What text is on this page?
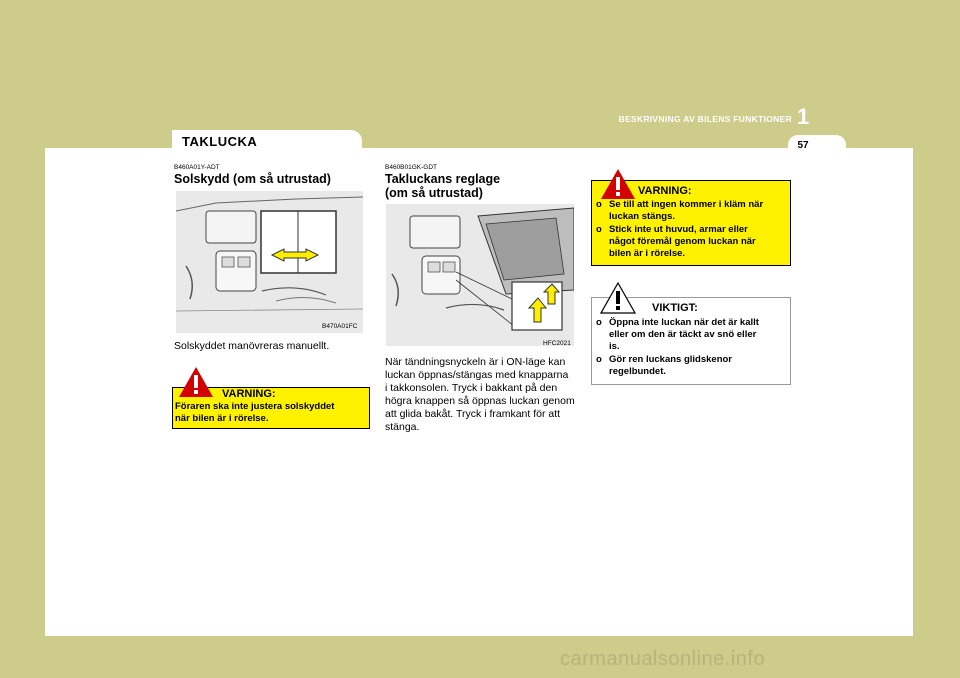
1
BESKRIVNING AV BILENS FUNKTIONER
57
TAKLUCKA
B460A01Y-ADT
Solskydd (om så utrustad)
B470A01FC
Solskyddet manövreras manuellt.
VARNING:
Föraren ska inte justera solskyddet
när bilen är i rörelse.
B460B01GK-GDT
Takluckans reglage
(om så utrustad)
HFC2021
När tändningsnyckeln är i ON-läge kan
luckan öppnas/stängas med knapparna
i takkonsolen. Tryck i bakkant på den
högra knappen så öppnas luckan genom
att glida bakåt. Tryck i framkant för att
stänga.
VARNING:
o Se till att ingen kommer i kläm när
luckan stängs.
o Stick inte ut huvud, armar eller
något föremål genom luckan när
bilen är i rörelse.
VIKTIGT:
o Öppna inte luckan när det är kallt
eller om den är täckt av snö eller
is.
o Gör ren luckans glidskenor
regelbundet.
carmanualsonline.info
